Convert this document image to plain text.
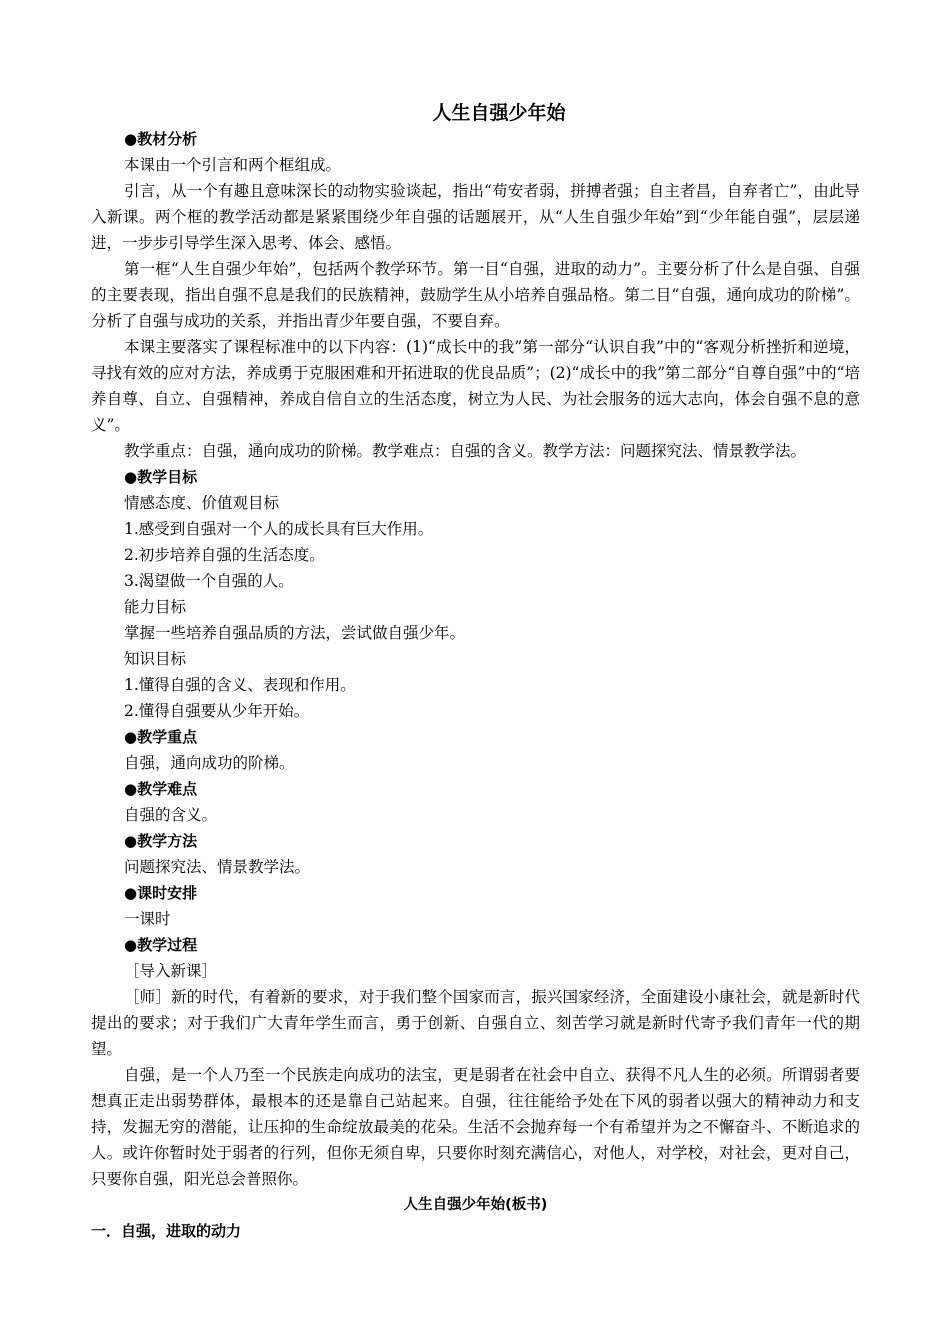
人生自强少年始

●教材分析

本课由一个引言和两个框组成。

引言，从一个有趣且意味深长的动物实验谈起，指出“苟安者弱，拼搏者强；自主者昌，自弃者亡”，由此导入新课。两个框的教学活动都是紧紧围绕少年自强的话题展开，从“人生自强少年始”到“少年能自强”，层层递进，一步步引导学生深入思考、体会、感悟。

第一框“人生自强少年始”，包括两个教学环节。第一目“自强，进取的动力”。主要分析了什么是自强、自强的主要表现，指出自强不息是我们的民族精神，鼓励学生从小培养自强品格。第二目“自强，通向成功的阶梯”。分析了自强与成功的关系，并指出青少年要自强，不要自弃。

本课主要落实了课程标准中的以下内容：(1)“成长中的我”第一部分“认识自我”中的“客观分析挫折和逆境，寻找有效的应对方法，养成勇于克服困难和开拓进取的优良品质”；(2)“成长中的我”第二部分“自尊自强”中的“培养自尊、自立、自强精神，养成自信自立的生活态度，树立为人民、为社会服务的远大志向，体会自强不息的意义”。

教学重点：自强，通向成功的阶梯。教学难点：自强的含义。教学方法：问题探究法、情景教学法。

●教学目标

情感态度、价值观目标

1.感受到自强对一个人的成长具有巨大作用。

2.初步培养自强的生活态度。

3.渴望做一个自强的人。

能力目标

掌握一些培养自强品质的方法，尝试做自强少年。

知识目标

1.懂得自强的含义、表现和作用。

2.懂得自强要从少年开始。

●教学重点

自强，通向成功的阶梯。

●教学难点

自强的含义。

●教学方法

问题探究法、情景教学法。

●课时安排

一课时

●教学过程

［导入新课］

［师］新的时代，有着新的要求，对于我们整个国家而言，振兴国家经济，全面建设小康社会，就是新时代提出的要求；对于我们广大青年学生而言，勇于创新、自强自立、刻苦学习就是新时代寄予我们青年一代的期望。

自强，是一个人乃至一个民族走向成功的法宝，更是弱者在社会中自立、获得不凡人生的必须。所谓弱者要想真正走出弱势群体，最根本的还是靠自己站起来。自强，往往能给予处在下风的弱者以强大的精神动力和支持，发掘无穷的潜能，让压抑的生命绽放最美的花朵。生活不会抛弃每一个有希望并为之不懈奋斗、不断追求的人。或许你暂时处于弱者的行列，但你无须自卑，只要你时刻充满信心，对他人，对学校，对社会，更对自己，只要你自强，阳光总会普照你。

人生自强少年始(板书)

一．自强，进取的动力
